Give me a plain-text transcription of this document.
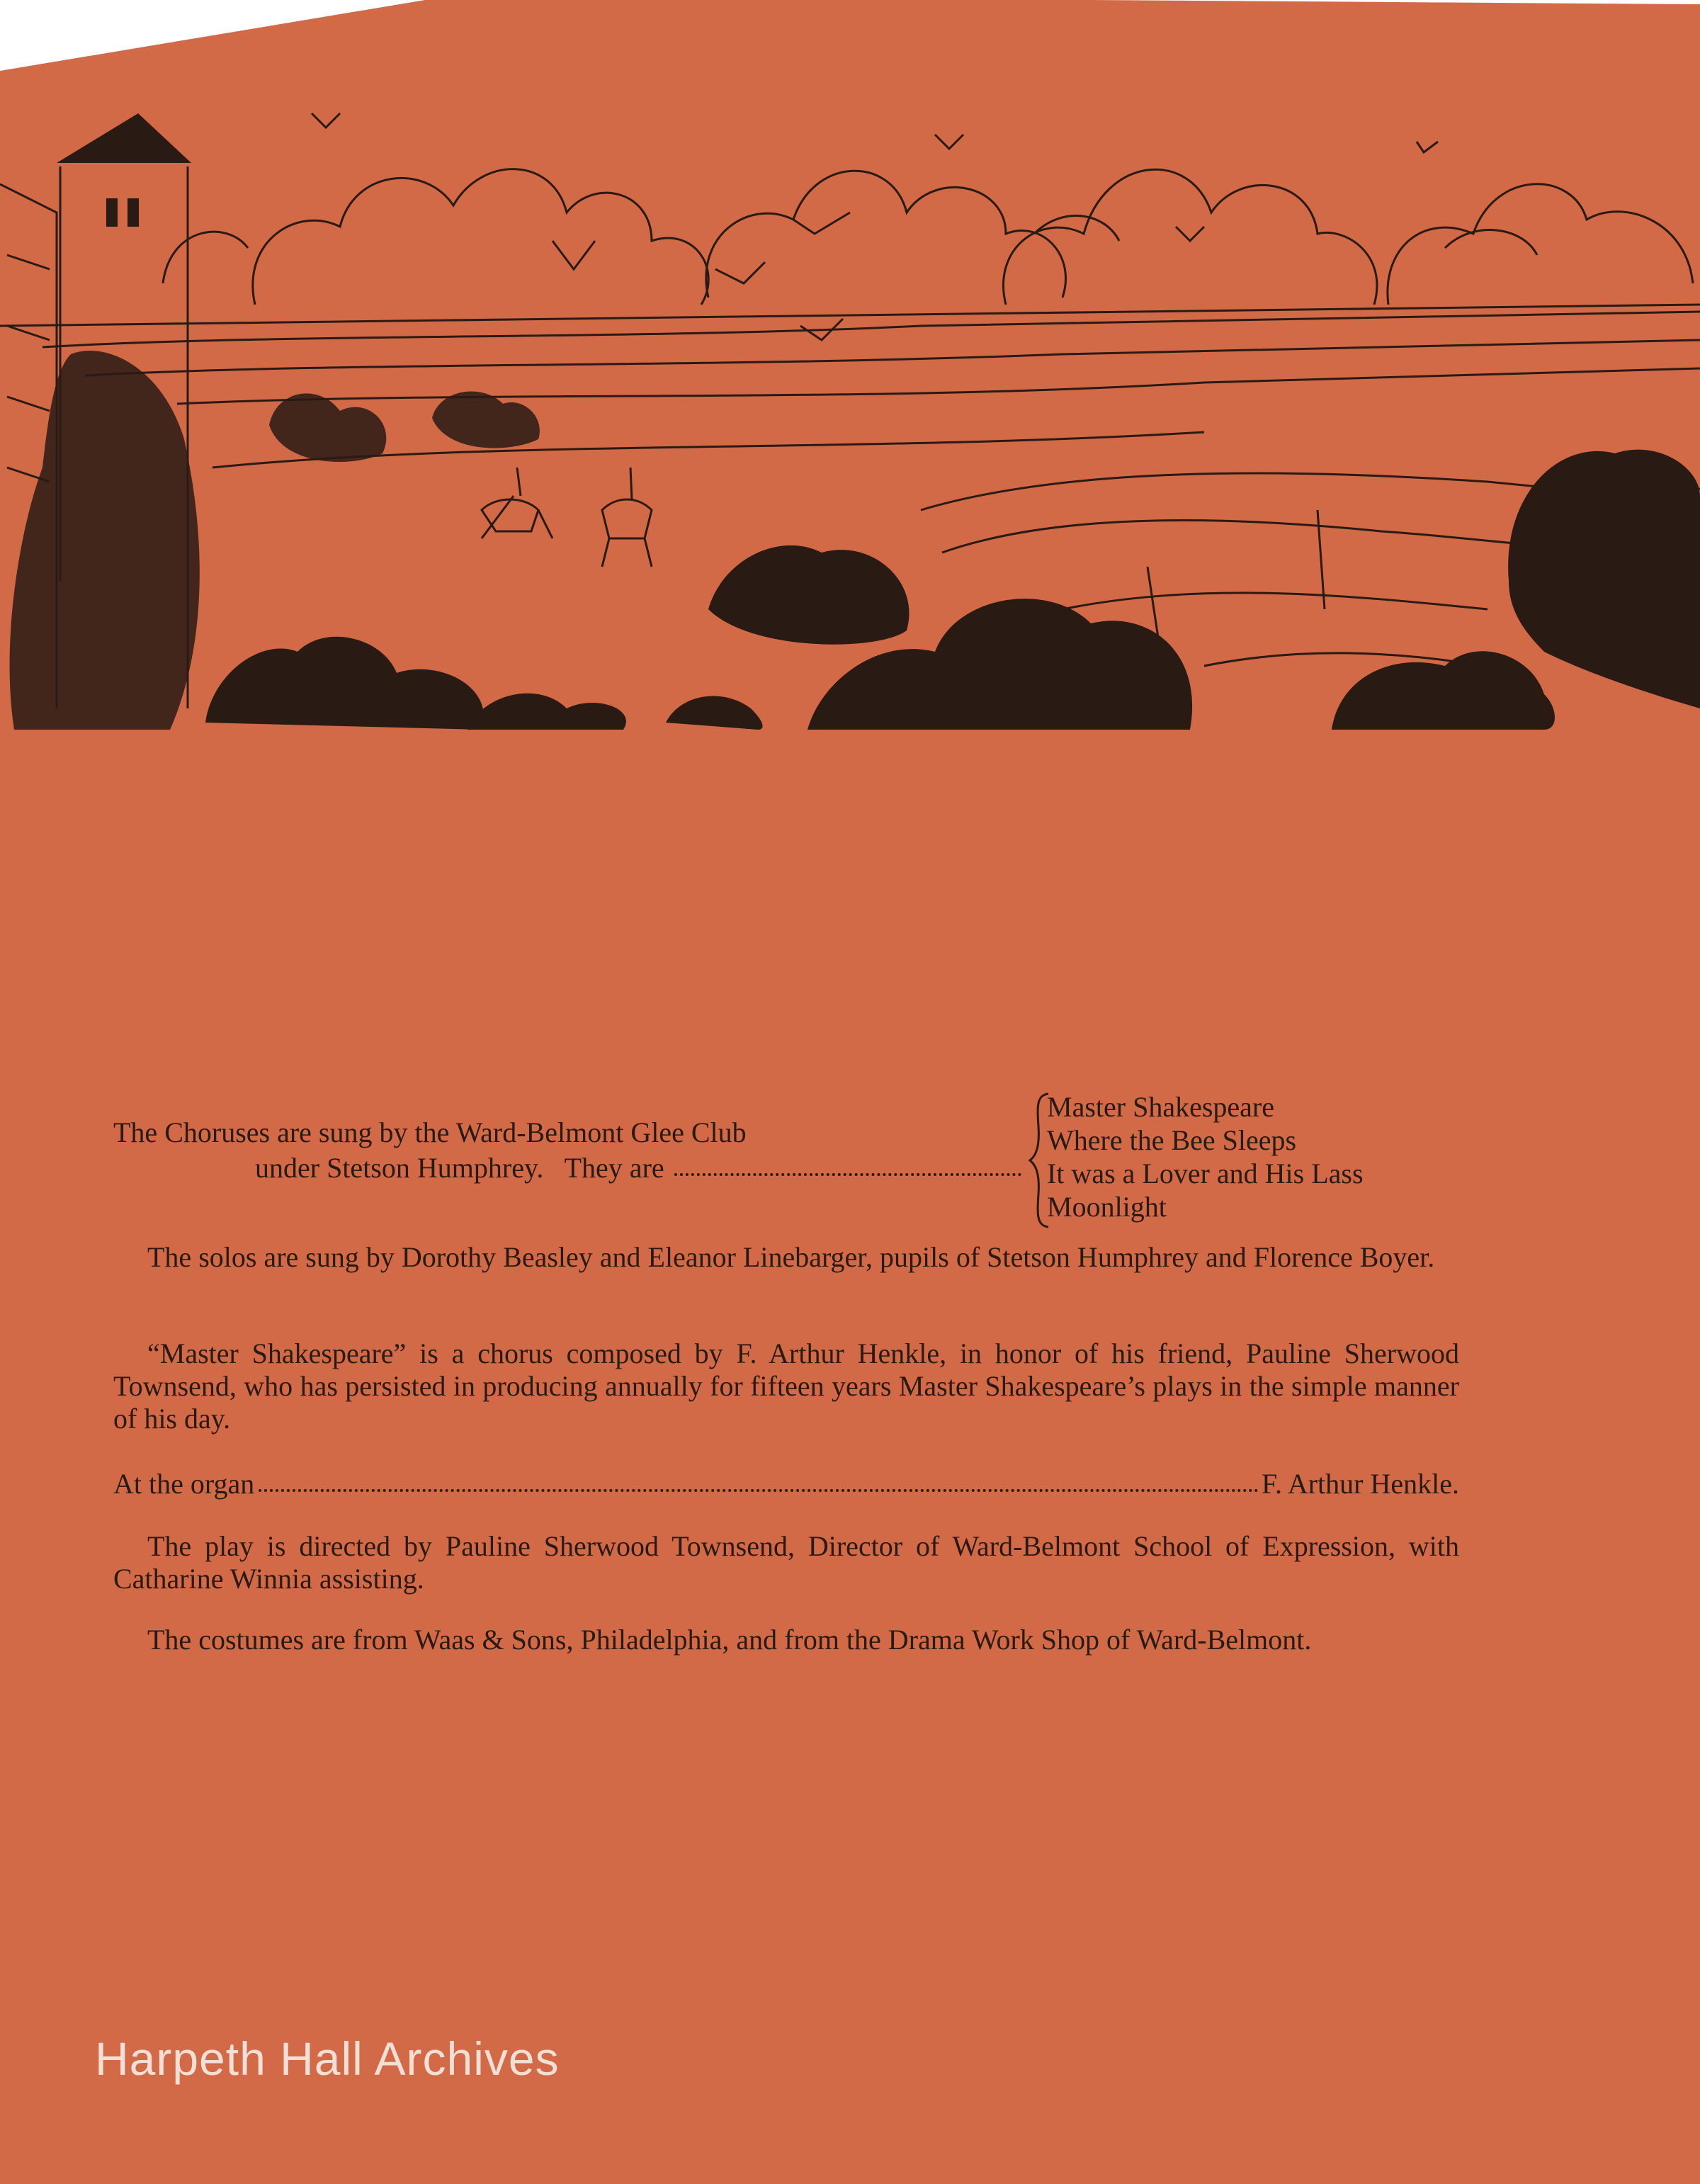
The Choruses are sung by the Ward-Belmont Glee Club
under Stetson Humphrey.   They are
Master Shakespeare
Where the Bee Sleeps
It was a Lover and His Lass
Moonlight

The solos are sung by Dorothy Beasley and Eleanor Linebarger, pupils of Stetson Humphrey and Florence Boyer.

“Master Shakespeare” is a chorus composed by F. Arthur Henkle, in honor of his friend, Pauline Sherwood Townsend, who has persisted in producing annually for fifteen years Master Shakespeare’s plays in the simple manner of his day.

At the organ	F. Arthur Henkle.

The play is directed by Pauline Sherwood Townsend, Director of Ward-Belmont School of Expression, with Catharine Winnia assisting.

The costumes are from Waas & Sons, Philadelphia, and from the Drama Work Shop of Ward-Belmont.

Harpeth Hall Archives
